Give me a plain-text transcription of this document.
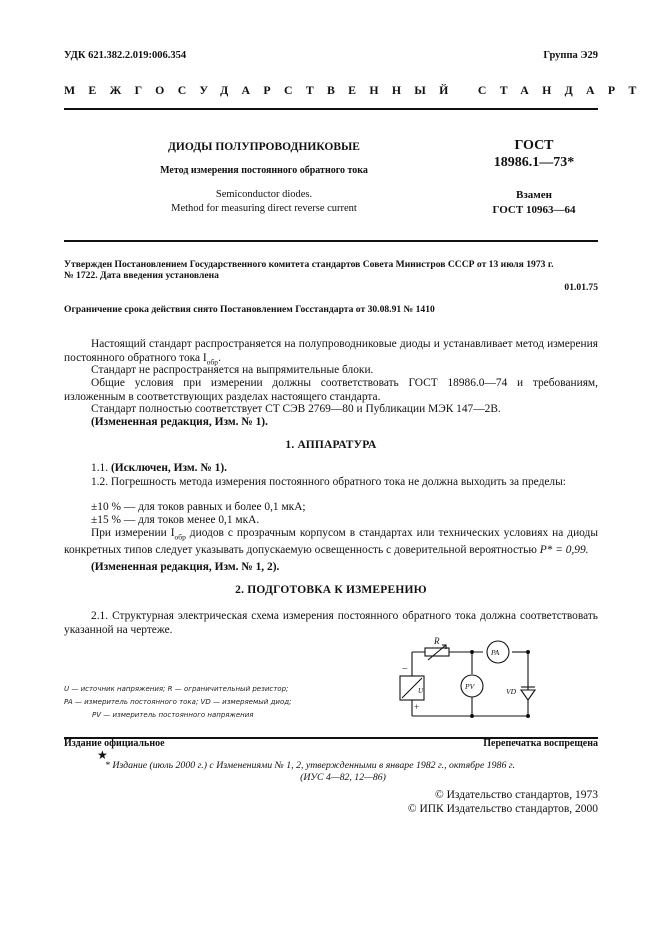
УДК 621.382.2.019:006.354	Группа Э29
МЕЖГОСУДАРСТВЕННЫЙ СТАНДАРТ
ДИОДЫ ПОЛУПРОВОДНИКОВЫЕ
Метод измерения постоянного обратного тока
Semiconductor diodes.
Method for measuring direct reverse current
ГОСТ
18986.1—73*
Взамен
ГОСТ 10963—64
Утвержден Постановлением Государственного комитета стандартов Совета Министров СССР от 13 июля 1973 г.
№ 1722. Дата введения установлена
01.01.75
Ограничение срока действия снято Постановлением Госстандарта от 30.08.91 № 1410
Настоящий стандарт распространяется на полупроводниковые диоды и устанавливает метод измерения постоянного обратного тока $I_{обр}$.
Стандарт не распространяется на выпрямительные блоки.
Общие условия при измерении должны соответствовать ГОСТ 18986.0—74 и требованиям, изложенным в соответствующих разделах настоящего стандарта.
Стандарт полностью соответствует СТ СЭВ 2769—80 и Публикации МЭК 147—2В.
(Измененная редакция, Изм. № 1).
1. АППАРАТУРА
1.1. (Исключен, Изм. № 1).
1.2. Погрешность метода измерения постоянного обратного тока не должна выходить за пределы:
±10 % — для токов равных и более 0,1 мкА;
±15 % — для токов менее 0,1 мкА.
При измерении $I_{обр}$ диодов с прозрачным корпусом в стандартах или технических условиях на диоды конкретных типов следует указывать допускаемую освещенность с доверительной вероятностью P* = 0,99.
(Измененная редакция, Изм. № 1, 2).
2. ПОДГОТОВКА К ИЗМЕРЕНИЮ
2.1. Структурная электрическая схема измерения постоянного обратного тока должна соответствовать указанной на чертеже.
U — источник напряжения; R — ограничительный резистор;
PA — измеритель постоянного тока; VD — измеряемый диод;
PV — измеритель постоянного напряжения
R
PA
PV
VD
U
−
+
Издание официальное	Перепечатка воспрещена
★
* Издание (июль 2000 г.) с Изменениями № 1, 2, утвержденными в январе 1982 г., октябре 1986 г.
(ИУС 4—82, 12—86)
© Издательство стандартов, 1973
© ИПК Издательство стандартов, 2000
